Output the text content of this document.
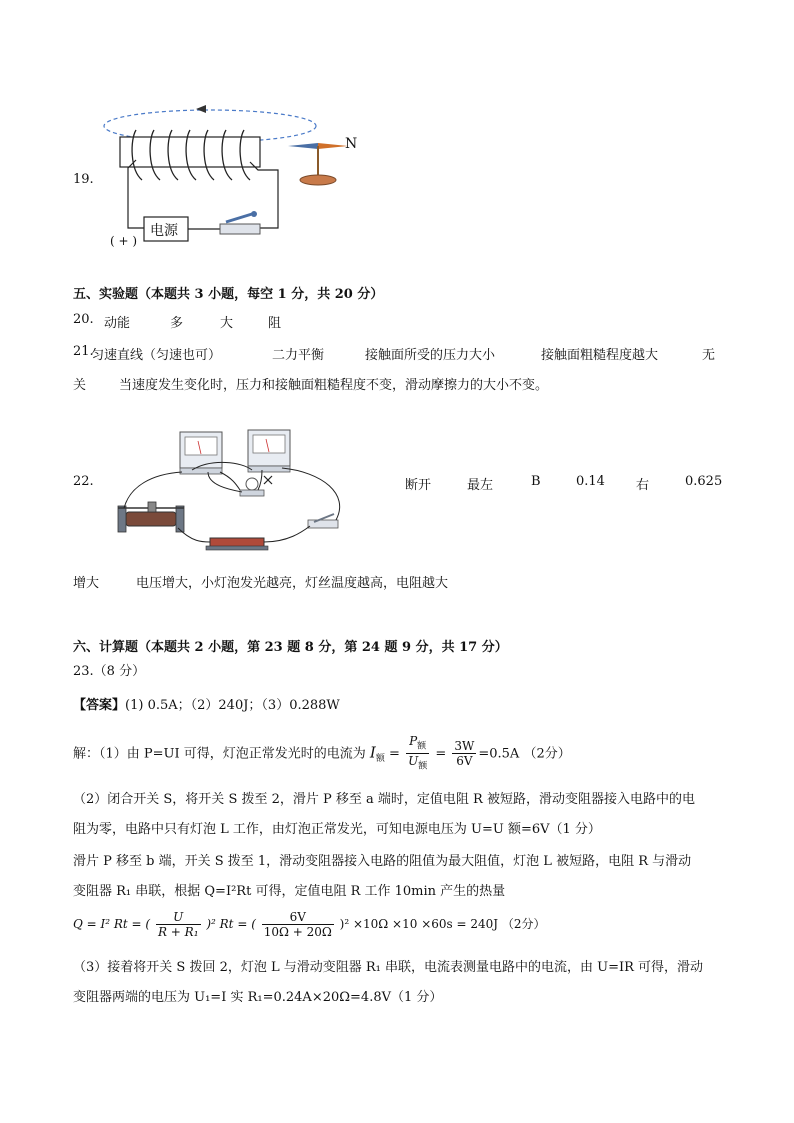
19.
N
电源
( + )
五、实验题（本题共 3 小题，每空 1 分，共 20 分）
20. 动能	多	大	阻
21.
匀速直线（匀速也可）	二力平衡	接触面所受的压力大小	接触面粗糙程度越大	无
关	当速度发生变化时，压力和接触面粗糙程度不变，滑动摩擦力的大小不变。
22.	断开	最左	B	0.14 右	0.625
增大	电压增大，小灯泡发光越亮，灯丝温度越高，电阻越大
六、计算题（本题共 2 小题，第 23 题 8 分，第 24 题 9 分，共 17 分）
23.（8 分）
【答案】(1) 0.5A；（2）240J；（3）0.288W
解：（1）由 P=UI 可得，灯泡正常发光时的电流为 $I_额 = \frac{P_额}{U_额} = \frac{3W}{6V} =0.5A$ （2分）
（2）闭合开关 S，将开关 S 拨至 2，滑片 P 移至 a 端时，定值电阻 R 被短路，滑动变阻器接入电路中的电
阻为零，电路中只有灯泡 L 工作，由灯泡正常发光，可知电源电压为 U=U 额=6V（1 分）
滑片 P 移至 b 端，开关 S 拨至 1，滑动变阻器接入电路的阻值为最大阻值，灯泡 L 被短路，电阻 R 与滑动
变阻器 R₁ 串联，根据 Q=I²Rt 可得，定值电阻 R 工作 10min 产生的热量
Q = I² Rt = ( $\frac{U}{\text{R + R₁}} )^2$ Rt = ( $\frac{6V}{10\Omega + 20\Omega} )^2 \times 10\Omega \times 10 \times 60s = 240J$ （2分）
（3）接着将开关 S 拨回 2，灯泡 L 与滑动变阻器 R₁ 串联，电流表测量电路中的电流，由 U=IR 可得，滑动
变阻器两端的电压为 U₁=I 实 R₁=0.24A×20Ω=4.8V（1 分）
